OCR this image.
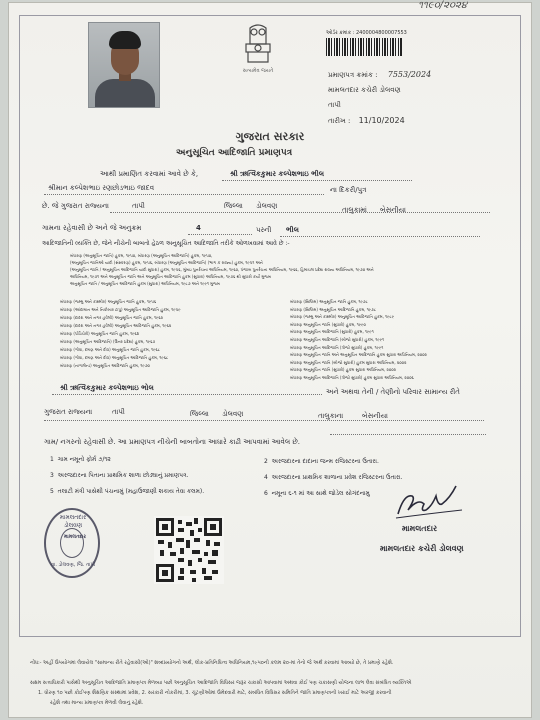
૧૧૯૦/૨૦૨૪
સત્યમેવ જયતે
ઓર્ડર ક્રમાંક : 2400004800007553
પ્રમાણપત્ર ક્રમાંક : 7553/2024
મામલતદાર કચેરી ડોલવણ
તાપી
તારીખ : 11/10/2024
ગુજરાત સરકાર
અનુસૂચિત આદિજાતિ પ્રમાણપત્ર
આથી પ્રમાણિત કરવામાં આવે છે કે,	શ્રી ઋત્વિકકુમાર કલ્પેશભાઇ ભીલ
શ્રીમાન કલ્પેશભાઇ રણછોડભાઇ જાદવ	ના દિકરી/પુત્ર
છે. જે ગુજરાત રાજ્યના	તાપી	જિલ્લા ડોલવણ	તાલુકામાં બેસનીયા
ગામના રહેવાસી છે અને જે અનુક્રમ	4	પરની ભીલ
આદિજાતિની વ્યક્તિ છે, જેને નીચેની બાબતો હેઠળ અનુસૂચિત આદિજાતિ તરીકે ઓળખવામાં આવે છે :-
બંધારણ (અનુસૂચિત જાતિ) હુકમ, ૧૯૫૦, બંધારણ (અનુસૂચિત આદિજાતિ) હુકમ, ૧૯૫૦,
(અનુસૂચિત જાતિઓ યાદી (સંસ્કરણ) હુકમ, ૧૯૫૬, બંધારણ (અનુસૂચિત આદિજાતિ) (ભાગ ક રાજ્ય) હુકમ, ૧૯૫૧ અને
(અનુસૂચિત જાતિ / અનુસૂચિત આદિજાતિ યાદી સુધારા) હુકમ, ૧૯૫૬, મુંબઇ પુનર્રચના અધિનિયમ, ૧૯૬૦, પંજાબ પુનર્રચના અધિનિયમ, ૧૯૬૬, હિમાચલ પ્રદેશ રાજ્ય અધિનિયમ, ૧૯૭૦ અને
અધિનિયમ, ૧૯૭૧ અને અનુસૂચિત જાતિ અને અનુસૂચિત આદિજાતિ હુકમ (સુધારા) અધિનિયમ, ૧૯૭૬ થી સુધારો કર્યા મુજબ
અનુસૂચિત જાતિ / અનુસૂચિત આદિજાતિ હુકમ (સુધારા) અધિનિયમ, ૧૯૮૭ અને ૧૯૯૧ મુજબ
બંધારણ (જમ્મુ અને કાશ્મીર) અનુસૂચિત જાતિ હુકમ, ૧૯૫૬
બંધારણ (આંદામાન અને નિકોબાર ટાપુ) અનુસૂચિત આદિજાતિ હુકમ, ૧૯૫૯
બંધારણ (દાદરા અને નગર હવેલી) અનુસૂચિત જાતિ હુકમ, ૧૯૬૨
બંધારણ (દાદરા અને નગર હવેલી) અનુસૂચિત આદિજાતિ હુકમ, ૧૯૬૨
બંધારણ (પોંડિચેરી) અનુસૂચિત જાતિ હુકમ, ૧૯૬૪
બંધારણ (અનુસૂચિત આદિજાતિ) (ઉત્તર પ્રદેશ) હુકમ, ૧૯૬૭
બંધારણ (ગોવા, દમણ અને દીવ) અનુસૂચિત જાતિ હુકમ, ૧૯૬૮
બંધારણ (ગોવા, દમણ અને દીવ) અનુસૂચિત આદિજાતિ હુકમ, ૧૯૬૮
બંધારણ (નાગાલેન્ડ) અનુસૂચિત આદિજાતિ હુકમ, ૧૯૭૦
બંધારણ (સિક્કિમ) અનુસૂચિત જાતિ હુકમ, ૧૯૭૮
બંધારણ (સિક્કિમ) અનુસૂચિત આદિજાતિ હુકમ, ૧૯૭૮
બંધારણ (જમ્મુ અને કાશ્મીર) અનુસૂચિત આદિજાતિ હુકમ, ૧૯૮૯
બંધારણ અનુસૂચિત જાતિ (સુધારો) હુકમ, ૧૯૯૦
બંધારણ અનુસૂચિત આદિજાતિ (સુધારો) હુકમ, ૧૯૯૧
બંધારણ અનુસૂચિત આદિજાતિ (બીજો સુધારો) હુકમ, ૧૯૯૧
બંધારણ અનુસૂચિત આદિજાતિ (ત્રીજો સુધારો) હુકમ, ૧૯૯૧
બંધારણ અનુસૂચિત જાતિ અને અનુસૂચિત આદિજાતિ હુકમ સુધારા અધિનિયમ, ૨૦૦૨
બંધારણ અનુસૂચિત જાતિ (બીજો સુધારો) હુકમ સુધારા અધિનિયમ, ૨૦૦૨
બંધારણ અનુસૂચિત જાતિ (સુધારો) હુકમ સુધારા અધિનિયમ, ૨૦૦૨
બંધારણ અનુસૂચિત આદિજાતિ (ત્રીજો સુધારો) હુકમ સુધારા અધિનિયમ, ૨૦૦૬
શ્રી ઋત્વિકકુમાર કલ્પેશભાઇ ભોલ	અને અથવા તેની / તેણીનો પરિવાર સામાન્ય રીતે
ગુજરાત રાજ્યના	તાપી	જિલ્લા ડોલવણ	તાલુકાના	બેસનીયા
ગામ/ નગરનો રહેવાસી છે. આ પ્રમાણપત્ર નીચેની બાબતોના આધારે કાઢી આપવામાં આવેલ છે.
1 ગામ નમૂનો ફોર્મ ૭/૧૨	2 અરજદારના દાદાના જન્મ રજિસ્ટરના ઉતારા.
3 અરજદારના પિતાના પ્રાથમિક શાળા છોડ્યાનું પ્રમાણપત્ર.	4 અરજદારના પ્રાથમિક શાળાના પ્રવેશ રજિસ્ટરના ઉતારા.
5 તલાટી મંત્રી પાસેથી પંચનામું (મહાઉજાણી શકાય તેવા કલમ).	6 નમૂના ૬-૧ માં આ સાથે જોડેલ સોગંદનામુ
મામલતદાર ડોલવણ
મામલતદાર
તા. ડોલવણ, જિ. તાપી
મામલતદાર
મામલતદાર કચેરી ડોલવણ
નોંધ:- અહીં ઉપયોગમાં લેવાયેલ "સામાન્ય રીતે રહેવાસી(ઓ)" શબ્દપ્રયોગનો અર્થ, લોક-પ્રતિનિધિત્વ અધિનિયમ,૧૯૫૦ની કલમ ૨૦-માં તેનો જે અર્થ કરવામાં આવ્યો છે, તે પ્રમાણે રહેશે.
સક્ષમ સત્તાધિકારી પાસેથી અનુસૂચિત આદિજાતિ પ્રમાણપત્ર મેળવ્યા પછી અનુસૂચિત આદિજાતિ વિધિસર જરૂર ચકાસી આપવામાં અથવા કોઈ પણ ચકાસણી યોજના લાભ લેવા સંબંધિત વ્યક્તિએ
1. ધોરણ ૧૦ પછી કોઈપણ શૈક્ષણિક સંસ્થામાં પ્રવેશ, 2. સરકારી નોકરીમાં, 3. ચૂંટણીઓમાં ઉમેદવારી માટે, સંબંધિત વિધિસર સમિતિને જાતિ પ્રમાણપત્રની ખરાઈ માટે અરજી કરવાની
રહેશે તથા માન્ય પ્રમાણપત્ર મેળવી લેવાનું રહેશે.
